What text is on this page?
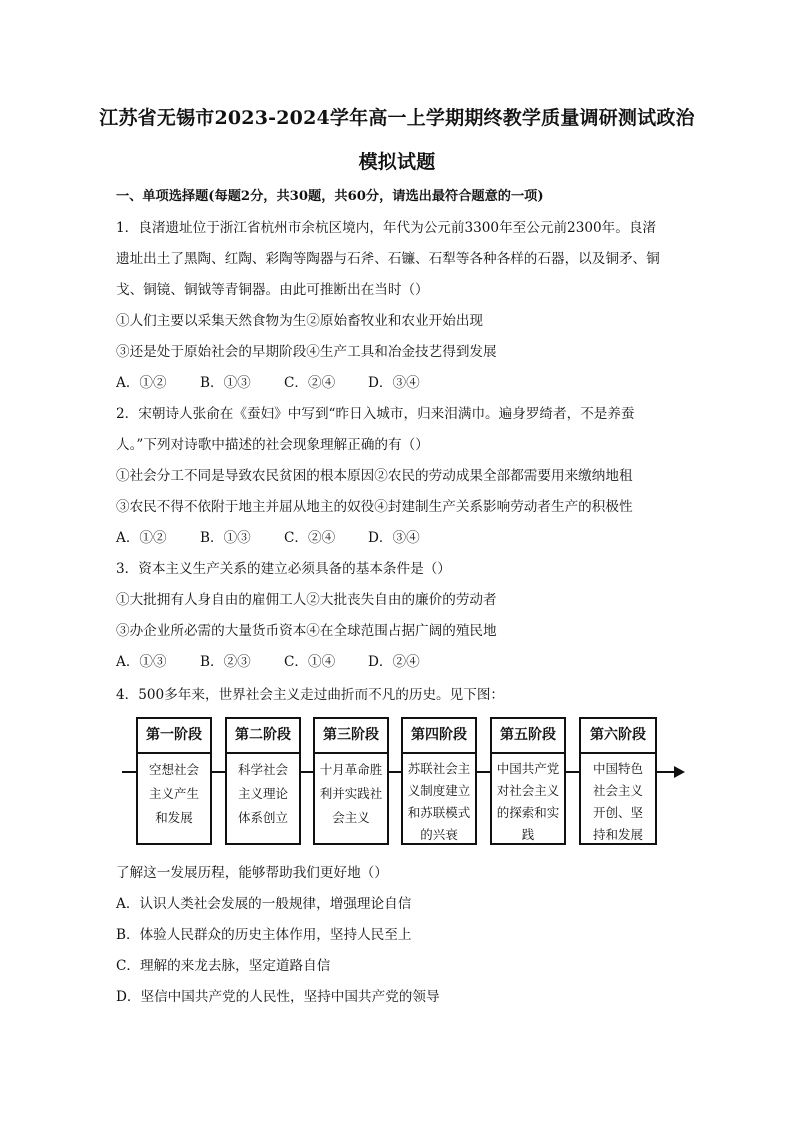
江苏省无锡市2023-2024学年高一上学期期终教学质量调研测试政治
模拟试题
一、单项选择题(每题2分，共30题，共60分，请选出最符合题意的一项)
1．良渚遗址位于浙江省杭州市余杭区境内，年代为公元前3300年至公元前2300年。良渚
遗址出土了黑陶、红陶、彩陶等陶器与石斧、石镰、石犁等各种各样的石器，以及铜矛、铜
戈、铜镜、铜钺等青铜器。由此可推断出在当时（）
①人们主要以采集天然食物为生②原始畜牧业和农业开始出现
③还是处于原始社会的早期阶段④生产工具和冶金技艺得到发展
A．①② B．①③ C．②④ D．③④
2．宋朝诗人张俞在《蚕妇》中写到“昨日入城市，归来泪满巾。遍身罗绮者，不是养蚕
人。”下列对诗歌中描述的社会现象理解正确的有（）
①社会分工不同是导致农民贫困的根本原因②农民的劳动成果全部都需要用来缴纳地租
③农民不得不依附于地主并屈从地主的奴役④封建制生产关系影响劳动者生产的积极性
A．①② B．①③ C．②④ D．③④
3．资本主义生产关系的建立必须具备的基本条件是（）
①大批拥有人身自由的雇佣工人②大批丧失自由的廉价的劳动者
③办企业所必需的大量货币资本④在全球范围占据广阔的殖民地
A．①③ B．②③ C．①④ D．②④
4．500多年来，世界社会主义走过曲折而不凡的历史。见下图：
第一阶段
空想社会
主义产生
和发展
第二阶段
科学社会
主义理论
体系创立
第三阶段
十月革命胜
利并实践社
会主义
第四阶段
苏联社会主
义制度建立
和苏联模式
的兴衰
第五阶段
中国共产党
对社会主义
的探索和实
践
第六阶段
中国特色
社会主义
开创、坚
持和发展
了解这一发展历程，能够帮助我们更好地（）
A．认识人类社会发展的一般规律，增强理论自信
B．体验人民群众的历史主体作用，坚持人民至上
C．理解的来龙去脉，坚定道路自信
D．坚信中国共产党的人民性，坚持中国共产党的领导
